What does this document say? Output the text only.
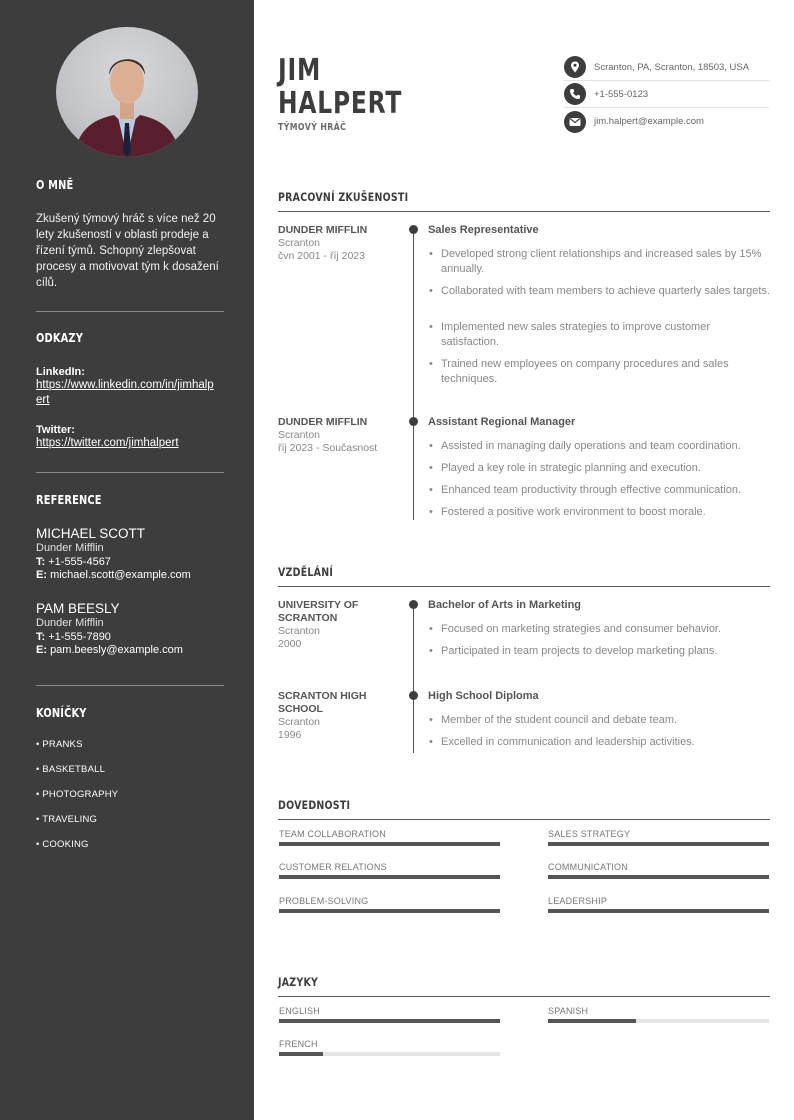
O MNĚ
Zkušený týmový hráč s více než 20 lety zkušeností v oblasti prodeje a řízení týmů. Schopný zlepšovat procesy a motivovat tým k dosažení cílů.
ODKAZY
LinkedIn:
https://www.linkedin.com/in/jimhalpert
Twitter:
https://twitter.com/jimhalpert
REFERENCE
MICHAEL SCOTT
Dunder Mifflin
T: +1-555-4567
E: michael.scott@example.com
PAM BEESLY
Dunder Mifflin
T: +1-555-7890
E: pam.beesly@example.com
KONÍČKY
• PRANKS
• BASKETBALL
• PHOTOGRAPHY
• TRAVELING
• COOKING
JIM
HALPERT
TÝMOVÝ HRÁČ
Scranton, PA, Scranton, 18503, USA
+1-555-0123
jim.halpert@example.com
PRACOVNÍ ZKUŠENOSTI
DUNDER MIFFLIN
Scranton
čvn 2001 - říj 2023
Sales Representative
• Developed strong client relationships and increased sales by 15% annually.
• Collaborated with team members to achieve quarterly sales targets.
• Implemented new sales strategies to improve customer satisfaction.
• Trained new employees on company procedures and sales techniques.
DUNDER MIFFLIN
Scranton
říj 2023 - Současnost
Assistant Regional Manager
• Assisted in managing daily operations and team coordination.
• Played a key role in strategic planning and execution.
• Enhanced team productivity through effective communication.
• Fostered a positive work environment to boost morale.
VZDĚLÁNÍ
UNIVERSITY OF SCRANTON
Scranton
2000
Bachelor of Arts in Marketing
• Focused on marketing strategies and consumer behavior.
• Participated in team projects to develop marketing plans.
SCRANTON HIGH SCHOOL
Scranton
1996
High School Diploma
• Member of the student council and debate team.
• Excelled in communication and leadership activities.
DOVEDNOSTI
TEAM COLLABORATION	SALES STRATEGY
CUSTOMER RELATIONS	COMMUNICATION
PROBLEM-SOLVING	LEADERSHIP
JAZYKY
ENGLISH	SPANISH
FRENCH
